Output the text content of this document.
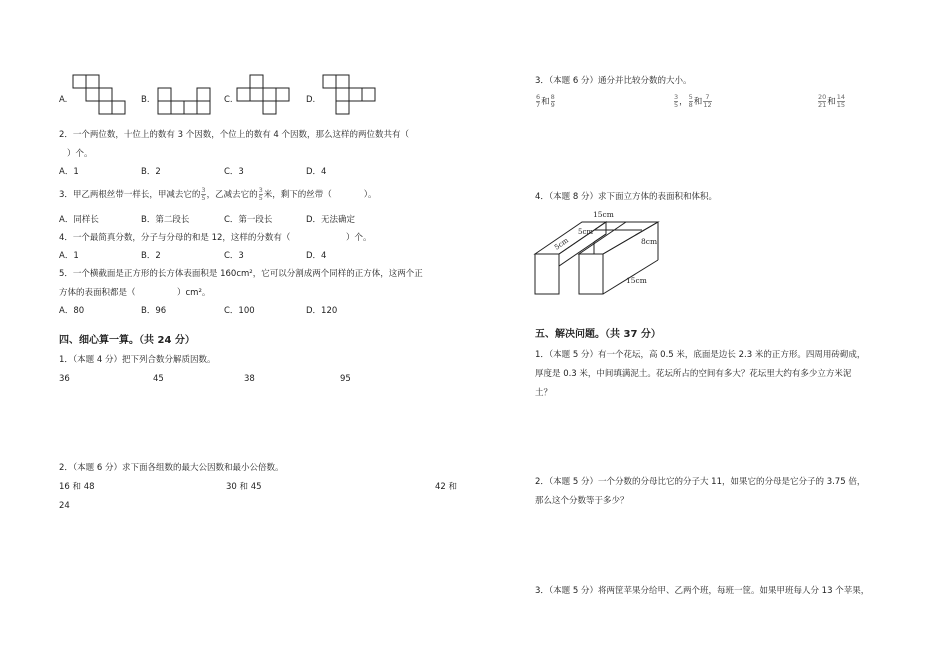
A.	B.	C.	D.
2．一个两位数，十位上的数有 3 个因数，个位上的数有 4 个因数，那么这样的两位数共有（
）个。
A．1	B．2	C．3	D．4
3．甲乙两根丝带一样长，甲减去它的 $\frac{3}{5}$ ，乙减去它的 $\frac{3}{5}$ 米，剩下的丝带（	）。
A．同样长	B．第二段长	C．第一段长	D．无法确定
4．一个最简真分数，分子与分母的和是 12，这样的分数有（	）个。
A．1	B．2	C．3	D．4
5．一个横截面是正方形的长方体表面积是 160cm²，它可以分割成两个同样的正方体，这两个正
方体的表面积都是（	）cm²。
A．80	B．96	C．100	D．120
四、细心算一算。（共 24 分）
1．（本题 4 分）把下列合数分解质因数。
36	45	38	95
2．（本题 6 分）求下面各组数的最大公因数和最小公倍数。
16 和 48	30 和 45	42 和
24
3．（本题 6 分）通分并比较分数的大小。
$\frac{6}{7}$ 和 $\frac{8}{9}$	$\frac{3}{5}$ ， $\frac{5}{8}$ 和 $\frac{7}{12}$	$\frac{20}{21}$ 和 $\frac{14}{15}$
4．（本题 8 分）求下面立方体的表面积和体积。
15cm
5cm
5cm	8cm
15cm
五、解决问题。（共 37 分）
1．（本题 5 分）有一个花坛，高 0.5 米，底面是边长 2.3 米的正方形。四周用砖砌成，
厚度是 0.3 米，中间填满泥土。花坛所占的空间有多大？花坛里大约有多少立方米泥
土？
2．（本题 5 分）一个分数的分母比它的分子大 11，如果它的分母是它分子的 3.75 倍，
那么这个分数等于多少？
3．（本题 5 分）将两筐苹果分给甲、乙两个班，每班一筐。如果甲班每人分 13 个苹果，
